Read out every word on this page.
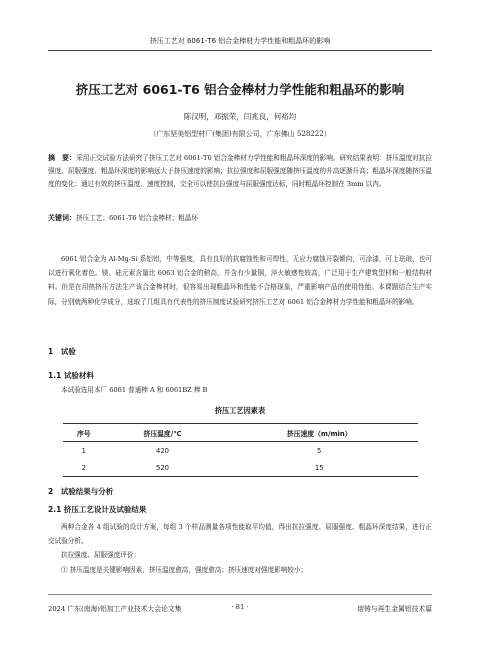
挤压工艺对 6061-T6 铝合金棒材力学性能和粗晶环的影响
挤压工艺对 6061-T6 铝合金棒材力学性能和粗晶环的影响
陈汉明，邓振荣，闫兆良，何裕均
（广东坚美铝型材厂(集团)有限公司，广东佛山 528222）
摘　要：采用正交试验方法研究了挤压工艺对 6061-T6 铝合金棒材力学性能和粗晶环深度的影响。研究结果表明：挤压温度对抗拉强度、屈服强度、粗晶环深度的影响远大于挤压速度的影响；抗拉强度和屈服强度随挤压温度的升高逐渐升高；粗晶环深度随挤压温度的变化；通过有效的挤压温度、速度控制，完全可以使抗拉强度与屈服强度达标，同时粗晶环控制在 3mm 以内。
关键词：挤压工艺；6061-T6 铝合金棒材；粗晶环
6061 铝合金为 Al-Mg-Si 系铝铝，中等强度，具有良好的抗腐蚀性和可焊性，无应力腐蚀开裂倾向，可涂漆，可上珐琅，也可以进行氧化着色。镁、硅元素含量比 6063 铝合金的稍高，并含有少量铜，淬火敏感性较高，广泛用于生产建筑型材和一般结构材料。但是在用热挤压方法生产该合金棒材时，很容易出现粗晶环和性能不合格现象，严重影响产品的使用性能。本课题结合生产实际，分别就两种化学成分，选取了几组具有代表性的挤压制度试验研究挤压工艺对 6061 铝合金棒材力学性能和粗晶环的影响。
1　试验
1.1 试验材料
本试验选用本厂 6061 普通棒 A 和 6061BZ 棒 B
挤压工艺因素表
序号	挤压温度/℃	挤压速度（m/min）
1	420	5
2	520	15
2　试验结果与分析
2.1 挤压工艺设计及试验结果

两种合金各 4 组试验的设计方案，每组 3 个样品测量各项性能取平均值，得出抗拉强度、屈服强度、粗晶环深度结果，进行正交试验分析。

抗拉强度、屈服强度评价：

① 挤压温度是关键影响因素，挤压温度愈高，强度愈高；挤压速度对强度影响较小；

2024 广东(南海)铝加工产业技术大会论文集	· 81 ·	熔铸与再生金属铝技术篇
